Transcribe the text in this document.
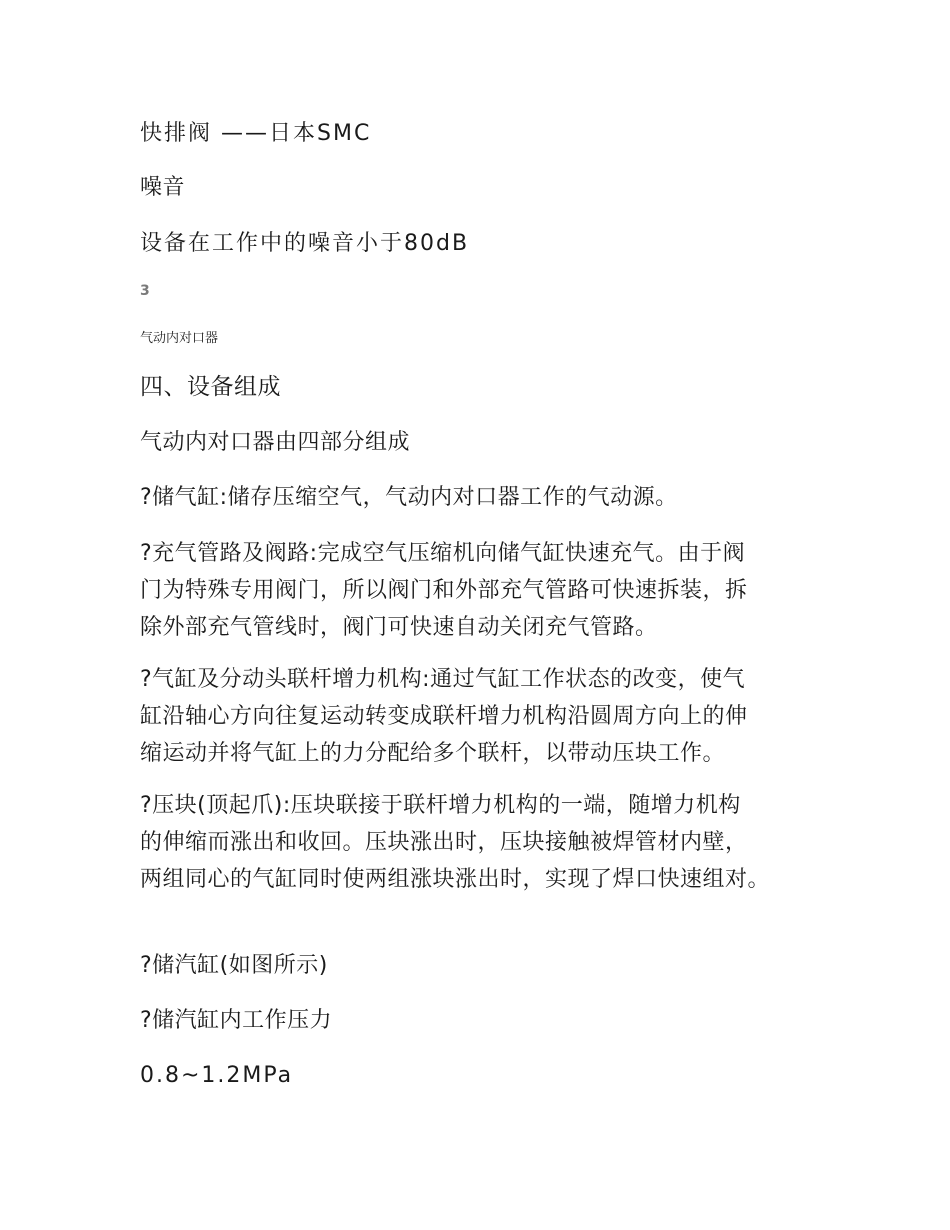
快排阀 ——日本SMC
噪音
设备在工作中的噪音小于80dB
3
气动内对口器
四、设备组成
气动内对口器由四部分组成
?储气缸:储存压缩空气，气动内对口器工作的气动源。
?充气管路及阀路:完成空气压缩机向储气缸快速充气。由于阀
门为特殊专用阀门，所以阀门和外部充气管路可快速拆装，拆
除外部充气管线时，阀门可快速自动关闭充气管路。
?气缸及分动头联杆增力机构:通过气缸工作状态的改变，使气
缸沿轴心方向往复运动转变成联杆增力机构沿圆周方向上的伸
缩运动并将气缸上的力分配给多个联杆，以带动压块工作。
?压块(顶起爪):压块联接于联杆增力机构的一端，随增力机构
的伸缩而涨出和收回。压块涨出时，压块接触被焊管材内壁，
两组同心的气缸同时使两组涨块涨出时，实现了焊口快速组对。
?储汽缸(如图所示)
?储汽缸内工作压力
0.8~1.2MPa
